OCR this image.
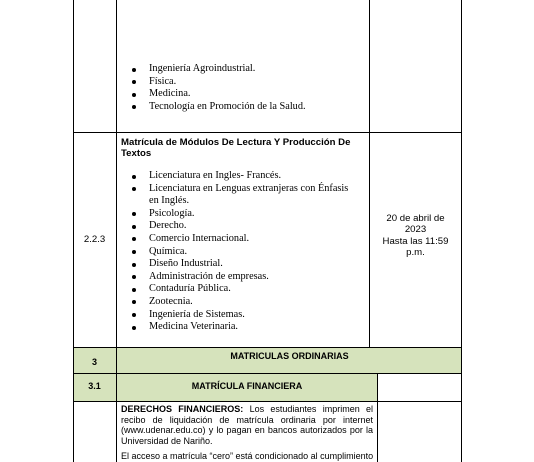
Ingeniería Agroindustrial.
Física.
Medicina.
Tecnología en Promoción de la Salud.
2.2.3
Matrícula de Módulos De Lectura Y Producción De Textos
Licenciatura en Ingles- Francés.
Licenciatura en Lenguas extranjeras con Énfasis en Inglés.
Psicología.
Derecho.
Comercio Internacional.
Química.
Diseño Industrial.
Administración de empresas.
Contaduría Pública.
Zootecnia.
Ingeniería de Sistemas.
Medicina Veterinaria.
20 de abril de
2023
Hasta las 11:59
p.m.
3
MATRICULAS ORDINARIAS
3.1	MATRÍCULA FINANCIERA
DERECHOS FINANCIEROS: Los estudiantes imprimen el recibo de liquidación de matrícula ordinaria por internet (www.udenar.edu.co) y lo pagan en bancos autorizados por la Universidad de Nariño.
El acceso a matrícula “cero” está condicionado al cumplimiento
